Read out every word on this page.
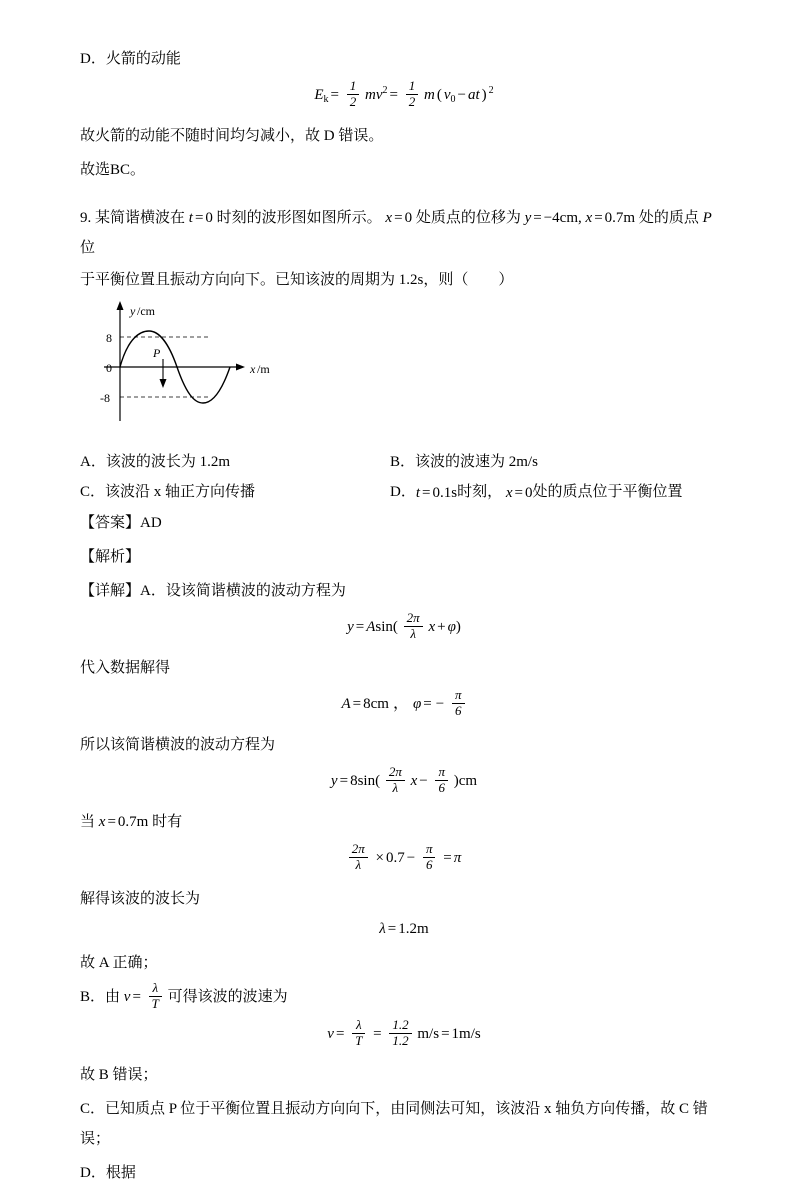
D．火箭的动能
$E_k = \frac{1}{2} mv^2 = \frac{1}{2}$ m ( $v_0$ − at ) $^2$
故火箭的动能不随时间均匀减小，故 D 错误。
故选BC。
9. 某简谐横波在 t = 0 时刻的波形图如图所示。 x = 0 处质点的位移为 y = −4cm, x = 0.7m 处的质点 P 位
于平衡位置且振动方向向下。已知该波的周期为 1.2s，则（　　）
y /cm
x /m
8
0
-8
P
A．该波的波长为 1.2m	B．该波的波速为 2m/s
C．该波沿 x 轴正方向传播	D．t = 0.1s时刻， x = 0处的质点位于平衡位置
【答案】AD
【解析】
【详解】A．设该简谐横波的波动方程为
$y = Asin( \frac{2\pi}{\lambda}$ x + φ)
代入数据解得
A = 8cm ， φ = − $\frac{\pi}{6}$
所以该简谐横波的波动方程为
$y = 8\sin( \frac{2\pi}{\lambda}$ $x - \frac{\pi}{6} )cm$
当 x = 0.7m 时有
$\frac{2\pi}{\lambda} \times 0.7 - \frac{\pi}{6} = \pi$
解得该波的波长为
λ = 1.2m
故 A 正确；
B．由 $v = \frac{\lambda}{T}$ 可得该波的波速为
$v = \frac{\lambda}{T} = \frac{1.2}{1.2} m/s = 1m/s$
故 B 错误；
C．已知质点 P 位于平衡位置且振动方向向下，由同侧法可知，该波沿 x 轴负方向传播，故 C 错误；
D．根据
